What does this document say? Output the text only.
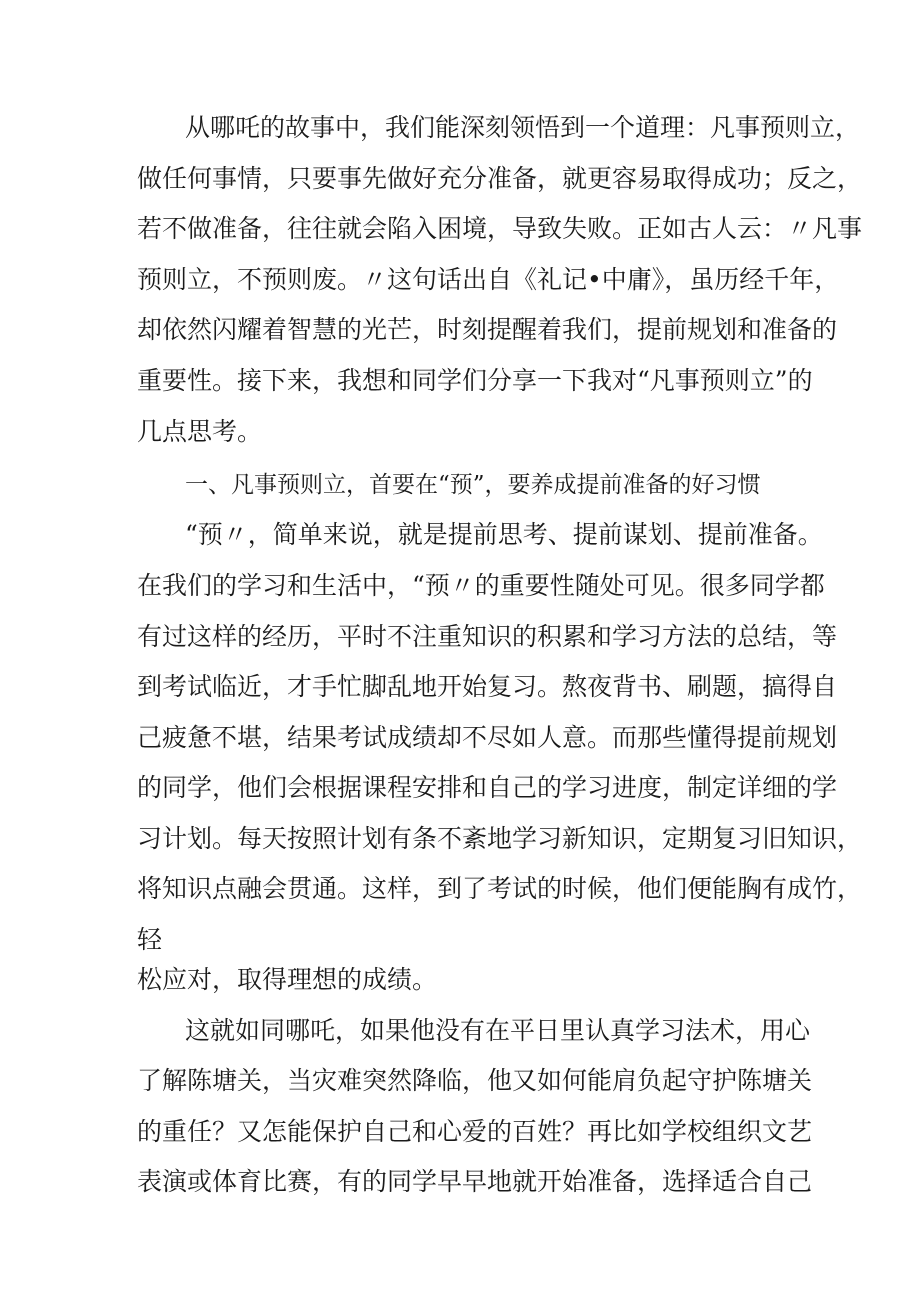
从哪吒的故事中，我们能深刻领悟到一个道理：凡事预则立，

做任何事情，只要事先做好充分准备，就更容易取得成功；反之，

若不做准备，往往就会陷入困境，导致失败。正如古人云：〃凡事

预则立，不预则废。〃这句话出自《礼记•中庸》，虽历经千年，

却依然闪耀着智慧的光芒，时刻提醒着我们，提前规划和准备的

重要性。接下来，我想和同学们分享一下我对“凡事预则立”的

几点思考。

一、凡事预则立，首要在“预”，要养成提前准备的好习惯

“预〃，简单来说，就是提前思考、提前谋划、提前准备。

在我们的学习和生活中，“预〃的重要性随处可见。很多同学都

有过这样的经历，平时不注重知识的积累和学习方法的总结，等

到考试临近，才手忙脚乱地开始复习。熬夜背书、刷题，搞得自

己疲惫不堪，结果考试成绩却不尽如人意。而那些懂得提前规划

的同学，他们会根据课程安排和自己的学习进度，制定详细的学

习计划。每天按照计划有条不紊地学习新知识，定期复习旧知识，

将知识点融会贯通。这样，到了考试的时候，他们便能胸有成竹，

轻

松应对，取得理想的成绩。

这就如同哪吒，如果他没有在平日里认真学习法术，用心

了解陈塘关，当灾难突然降临，他又如何能肩负起守护陈塘关

的重任？又怎能保护自己和心爱的百姓？再比如学校组织文艺

表演或体育比赛，有的同学早早地就开始准备，选择适合自己
